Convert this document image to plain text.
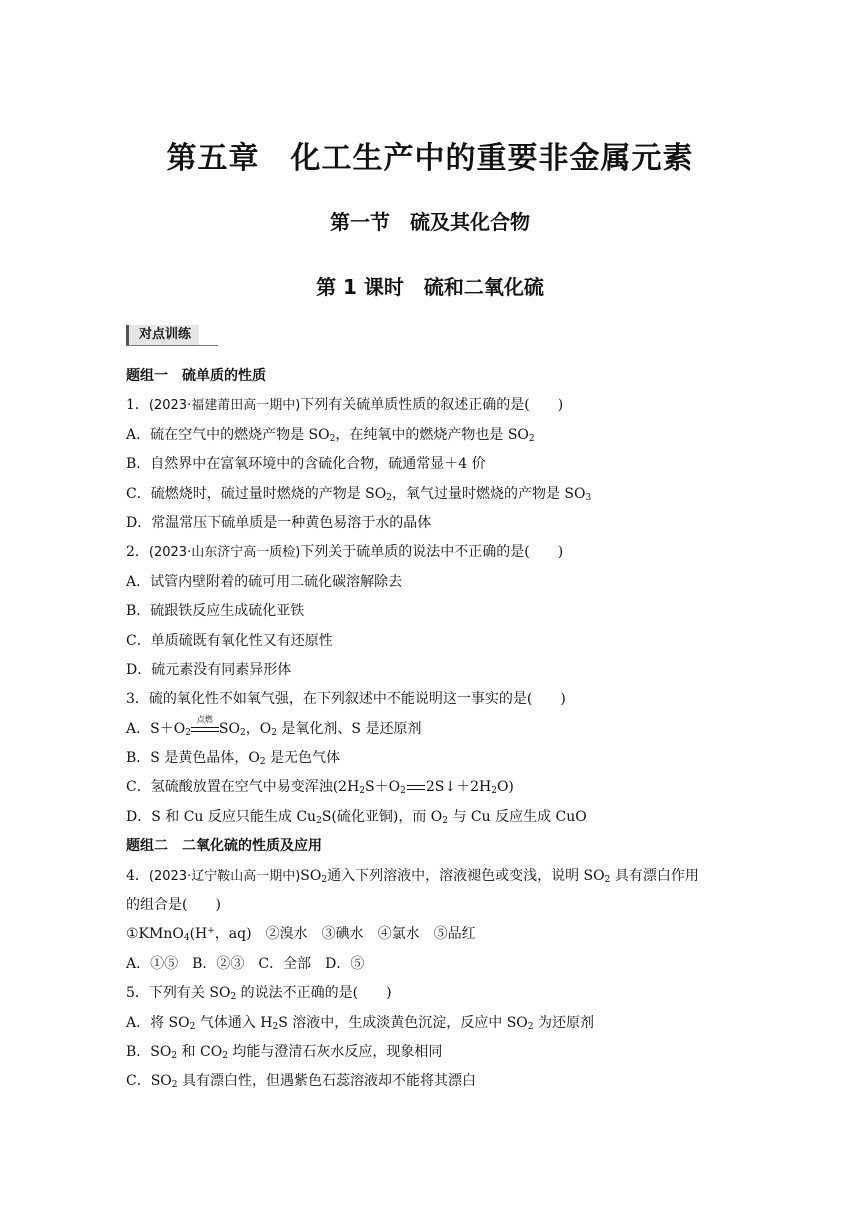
第五章　化工生产中的重要非金属元素
第一节　硫及其化合物
第 1 课时　硫和二氧化硫
对点训练
题组一　硫单质的性质
1．(2023·福建莆田高一期中)下列有关硫单质性质的叙述正确的是(　　)
A．硫在空气中的燃烧产物是 $SO_2$，在纯氧中的燃烧产物也是 $SO_2$
B．自然界中在富氧环境中的含硫化合物，硫通常显＋4 价
C．硫燃烧时，硫过量时燃烧的产物是 $SO_2$，氧气过量时燃烧的产物是 $SO_3$
D．常温常压下硫单质是一种黄色易溶于水的晶体
2．(2023·山东济宁高一质检)下列关于硫单质的说法中不正确的是(　　)
A．试管内壁附着的硫可用二硫化碳溶解除去
B．硫跟铁反应生成硫化亚铁
C．单质硫既有氧化性又有还原性
D．硫元素没有同素异形体
3．硫的氧化性不如氧气强，在下列叙述中不能说明这一事实的是(　　)
A．$S+O_2$
点燃
$SO_2$，$O_2$ 是氧化剂、S 是还原剂
B．S 是黄色晶体，$O_2$ 是无色气体
C．氢硫酸放置在空气中易变浑浊($2H_2S+O_2$ $2S↓+2H_2O$)
D．S 和 Cu 反应只能生成 $Cu_2S$(硫化亚铜)，而 $O_2$ 与 Cu 反应生成 CuO
题组二　二氧化硫的性质及应用
4．(2023·辽宁鞍山高一期中)$SO_2$通入下列溶液中，溶液褪色或变浅，说明 $SO_2$ 具有漂白作用
的组合是(　　)
①KMnO$_4$(H+，aq)　②溴水　③碘水　④氯水　⑤品红
A．①⑤　B．②③　C．全部　D．⑤
5．下列有关 $SO_2$ 的说法不正确的是(　　)
A．将 $SO_2$ 气体通入 $H_2S$ 溶液中，生成淡黄色沉淀，反应中 $SO_2$ 为还原剂
B．$SO_2$ 和 $CO_2$ 均能与澄清石灰水反应，现象相同
C．$SO_2$ 具有漂白性，但遇紫色石蕊溶液却不能将其漂白
